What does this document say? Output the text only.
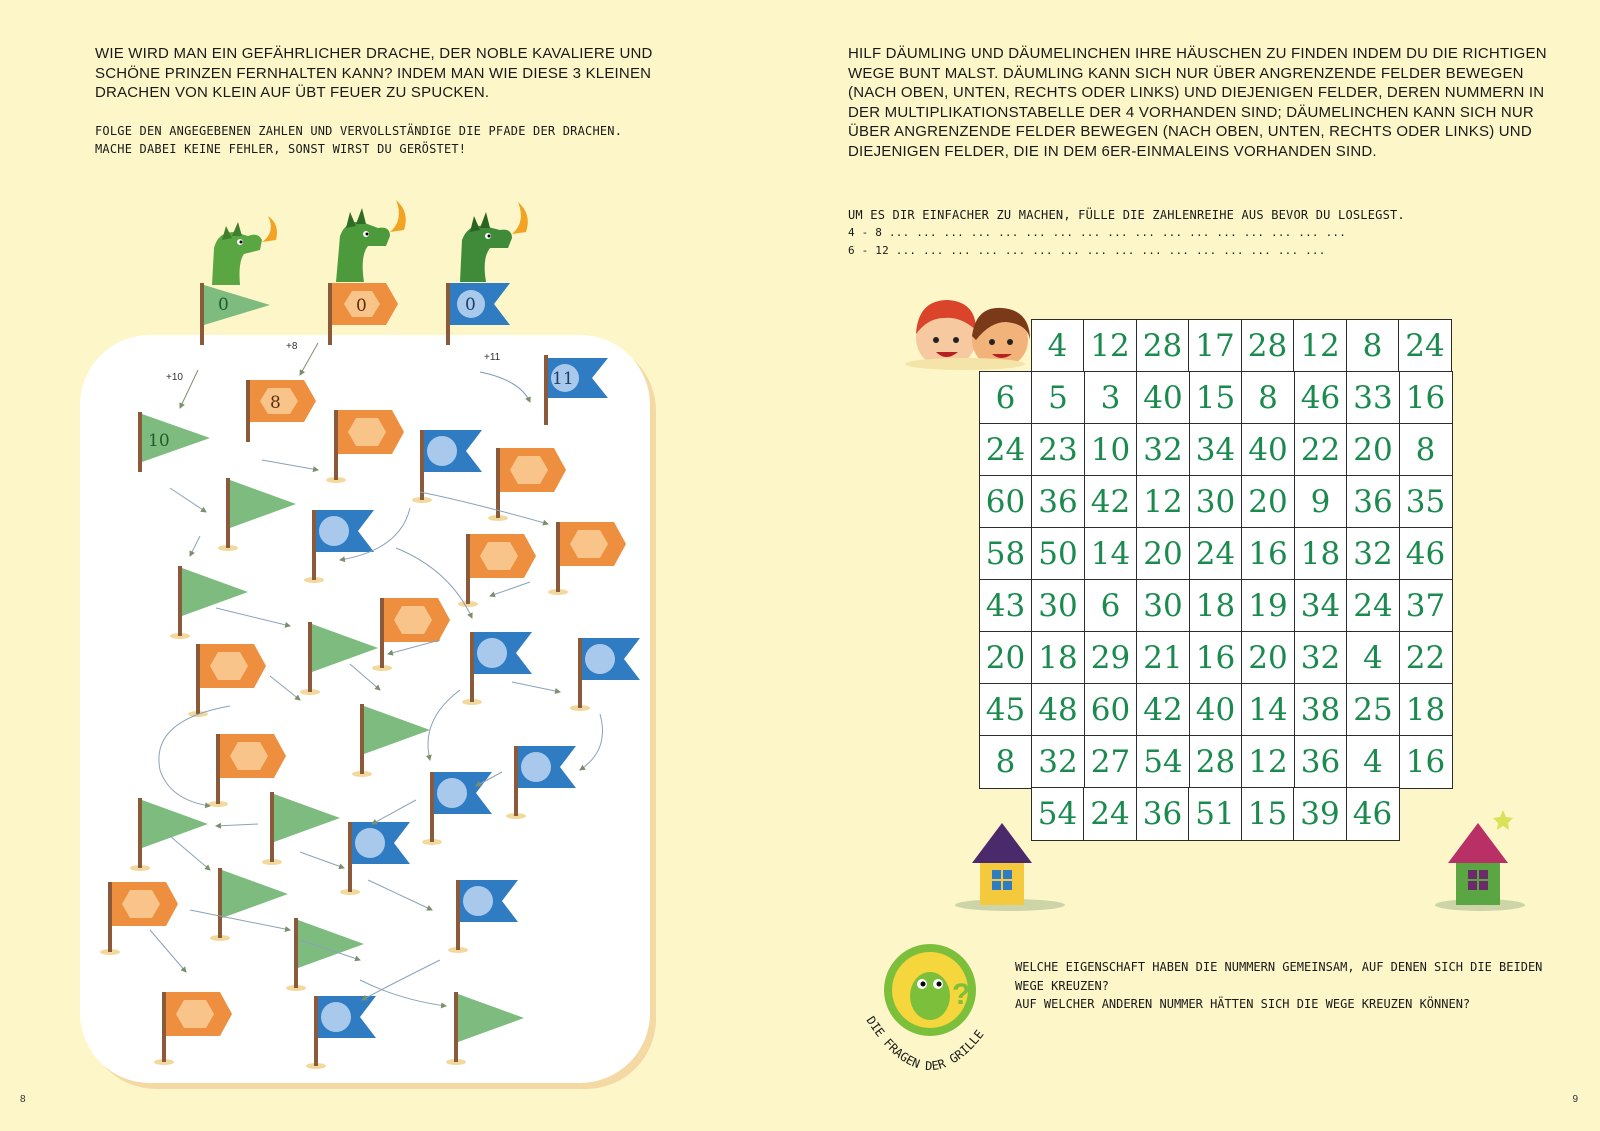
WIE WIRD MAN EIN GEFÄHRLICHER DRACHE, DER NOBLE KAVALIERE UND SCHÖNE PRINZEN FERNHALTEN KANN? INDEM MAN WIE DIESE 3 KLEINEN DRACHEN VON KLEIN AUF ÜBT FEUER ZU SPUCKEN.
FOLGE DEN ANGEGEBENEN ZAHLEN UND VERVOLLSTÄNDIGE DIE PFADE DER DRACHEN.
MACHE DABEI KEINE FEHLER, SONST WIRST DU GERÖSTET!
0	0	0
+10
+8
+11
10
8
11
8
HILF DÄUMLING UND DÄUMELINCHEN IHRE HÄUSCHEN ZU FINDEN INDEM DU DIE RICHTIGEN WEGE BUNT MALST. DÄUMLING KANN SICH NUR ÜBER ANGRENZENDE FELDER BEWEGEN (NACH OBEN, UNTEN, RECHTS ODER LINKS) UND DIEJENIGEN FELDER, DEREN NUMMERN IN DER MULTIPLIKATIONSTABELLE DER 4 VORHANDEN SIND; DÄUMELINCHEN KANN SICH NUR ÜBER ANGRENZENDE FELDER BEWEGEN (NACH OBEN, UNTEN, RECHTS ODER LINKS) UND DIEJENIGEN FELDER, DIE IN DEM 6ER-EINMALEINS VORHANDEN SIND.
UM ES DIR EINFACHER ZU MACHEN, FÜLLE DIE ZAHLENREIHE AUS BEVOR DU LOSLEGST.
4 - 8 ... ... ... ... ... ... ... ... ... ... ... ... ... ... ... ... ...
6 - 12 ... ... ... ... ... ... ... ... ... ... ... ... ... ... ... ...
9
?
4 12 28 17 28 12 8 24
6	5	3 40 15 8 46 33 16
24 23 10 32 34 40 22 20 8
60 36 42 12 30 20 9 36 35
58 50 14 20 24 16 18 32 46
43 30 6 30 18 19 34 24 37
20 18 29 21 16 20 32 4 22
45 48 60 42 40 14 38 25 18
8 32 27 54 28 12 36 4 16
54 24 36 51 15 39 46
DIE FRAGEN DER GRILLE
WELCHE EIGENSCHAFT HABEN DIE NUMMERN GEMEINSAM, AUF DENEN SICH DIE BEIDEN WEGE KREUZEN?
AUF WELCHER ANDEREN NUMMER HÄTTEN SICH DIE WEGE KREUZEN KÖNNEN?
